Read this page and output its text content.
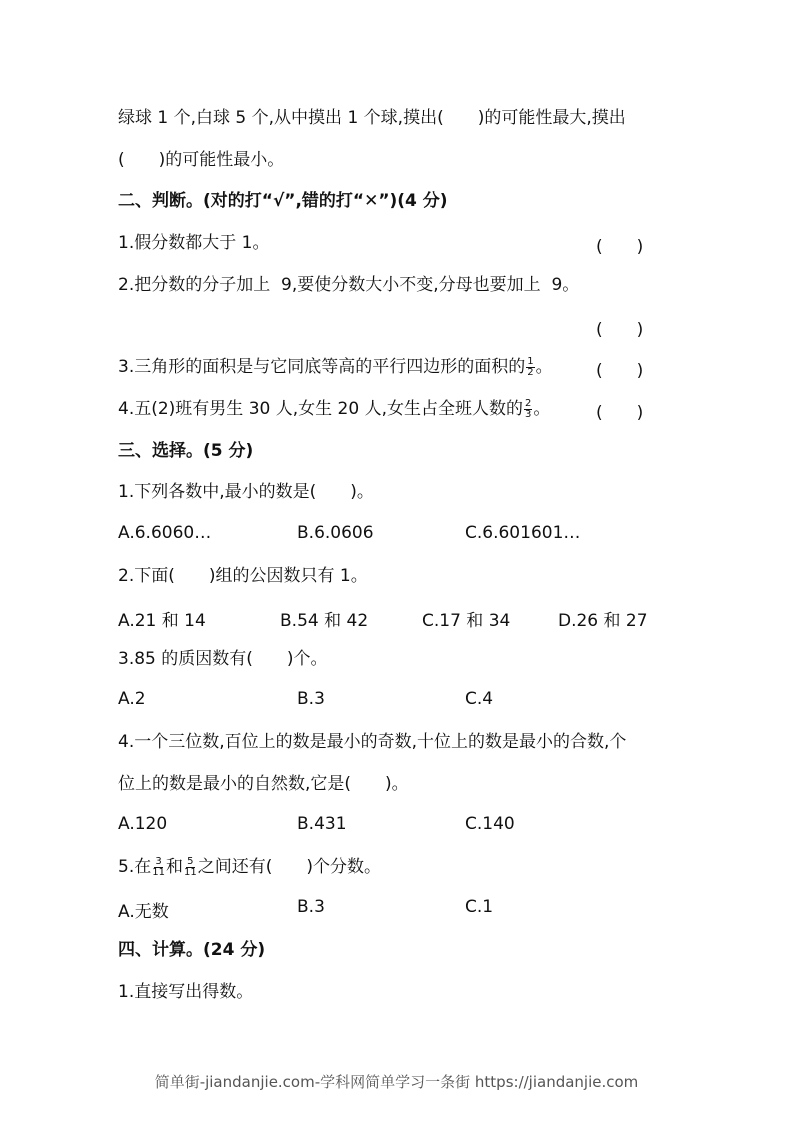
绿球 1 个,白球 5 个,从中摸出 1 个球,摸出(　　)的可能性最大,摸出
(　　)的可能性最小。
二、判断。(对的打“√”,错的打“✕”)(4 分)
1.假分数都大于 1。	(　　)
2.把分数的分子加上  9,要使分数大小不变,分母也要加上  9。
(　　)
3.三角形的面积是与它同底等高的平行四边形的面积的 $\frac{1}{2}$ 。	(　　)
4.五(2)班有男生 30 人,女生 20 人,女生占全班人数的 $\frac{2}{3}$ 。	(　　)
三、选择。(5 分)
1.下列各数中,最小的数是(　　)。
A.6.6060…	B.6.0606	C.6.601601…
2.下面(　　)组的公因数只有 1。
A.21 和 14	B.54 和 42	C.17 和 34	D.26 和 27
3.85 的质因数有(　　)个。
A.2	B.3	C.4
4.一个三位数,百位上的数是最小的奇数,十位上的数是最小的合数,个
位上的数是最小的自然数,它是(　　)。
A.120	B.431	C.140
5.在 $\frac{3}{11}$ 和 $\frac{5}{11}$ 之间还有(　　)个分数。
A.无数	B.3	C.1
四、计算。(24 分)
1.直接写出得数。
简单街-jiandanjie.com-学科网简单学习一条街 https://jiandanjie.com
